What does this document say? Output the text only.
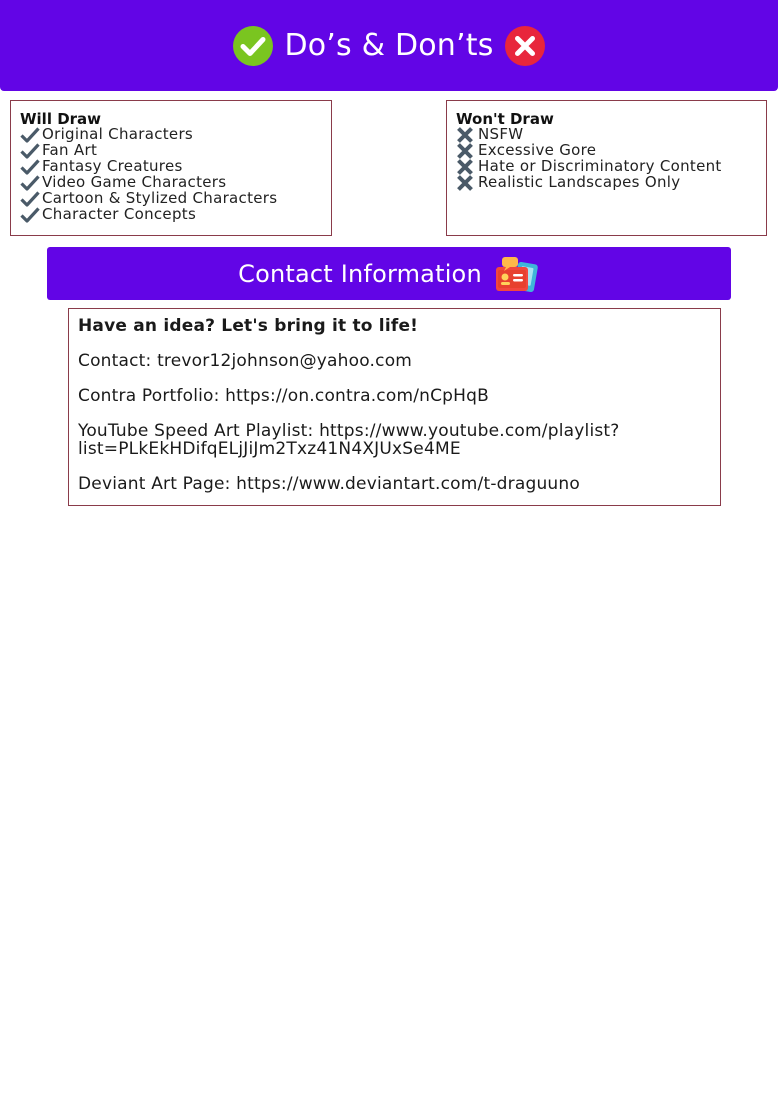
Do’s & Don’ts
Will Draw
Original Characters
Fan Art
Fantasy Creatures
Video Game Characters
Cartoon & Stylized Characters
Character Concepts
Won't Draw
NSFW
Excessive Gore
Hate or Discriminatory Content
Realistic Landscapes Only
Contact Information

Have an idea? Let's bring it to life!

Contact: trevor12johnson@yahoo.com

Contra Portfolio: https://on.contra.com/nCpHqB

YouTube Speed Art Playlist: https://www.youtube.com/playlist?
list=PLkEkHDifqELjJiJm2Txz41N4XJUxSe4ME

Deviant Art Page: https://www.deviantart.com/t-draguuno
